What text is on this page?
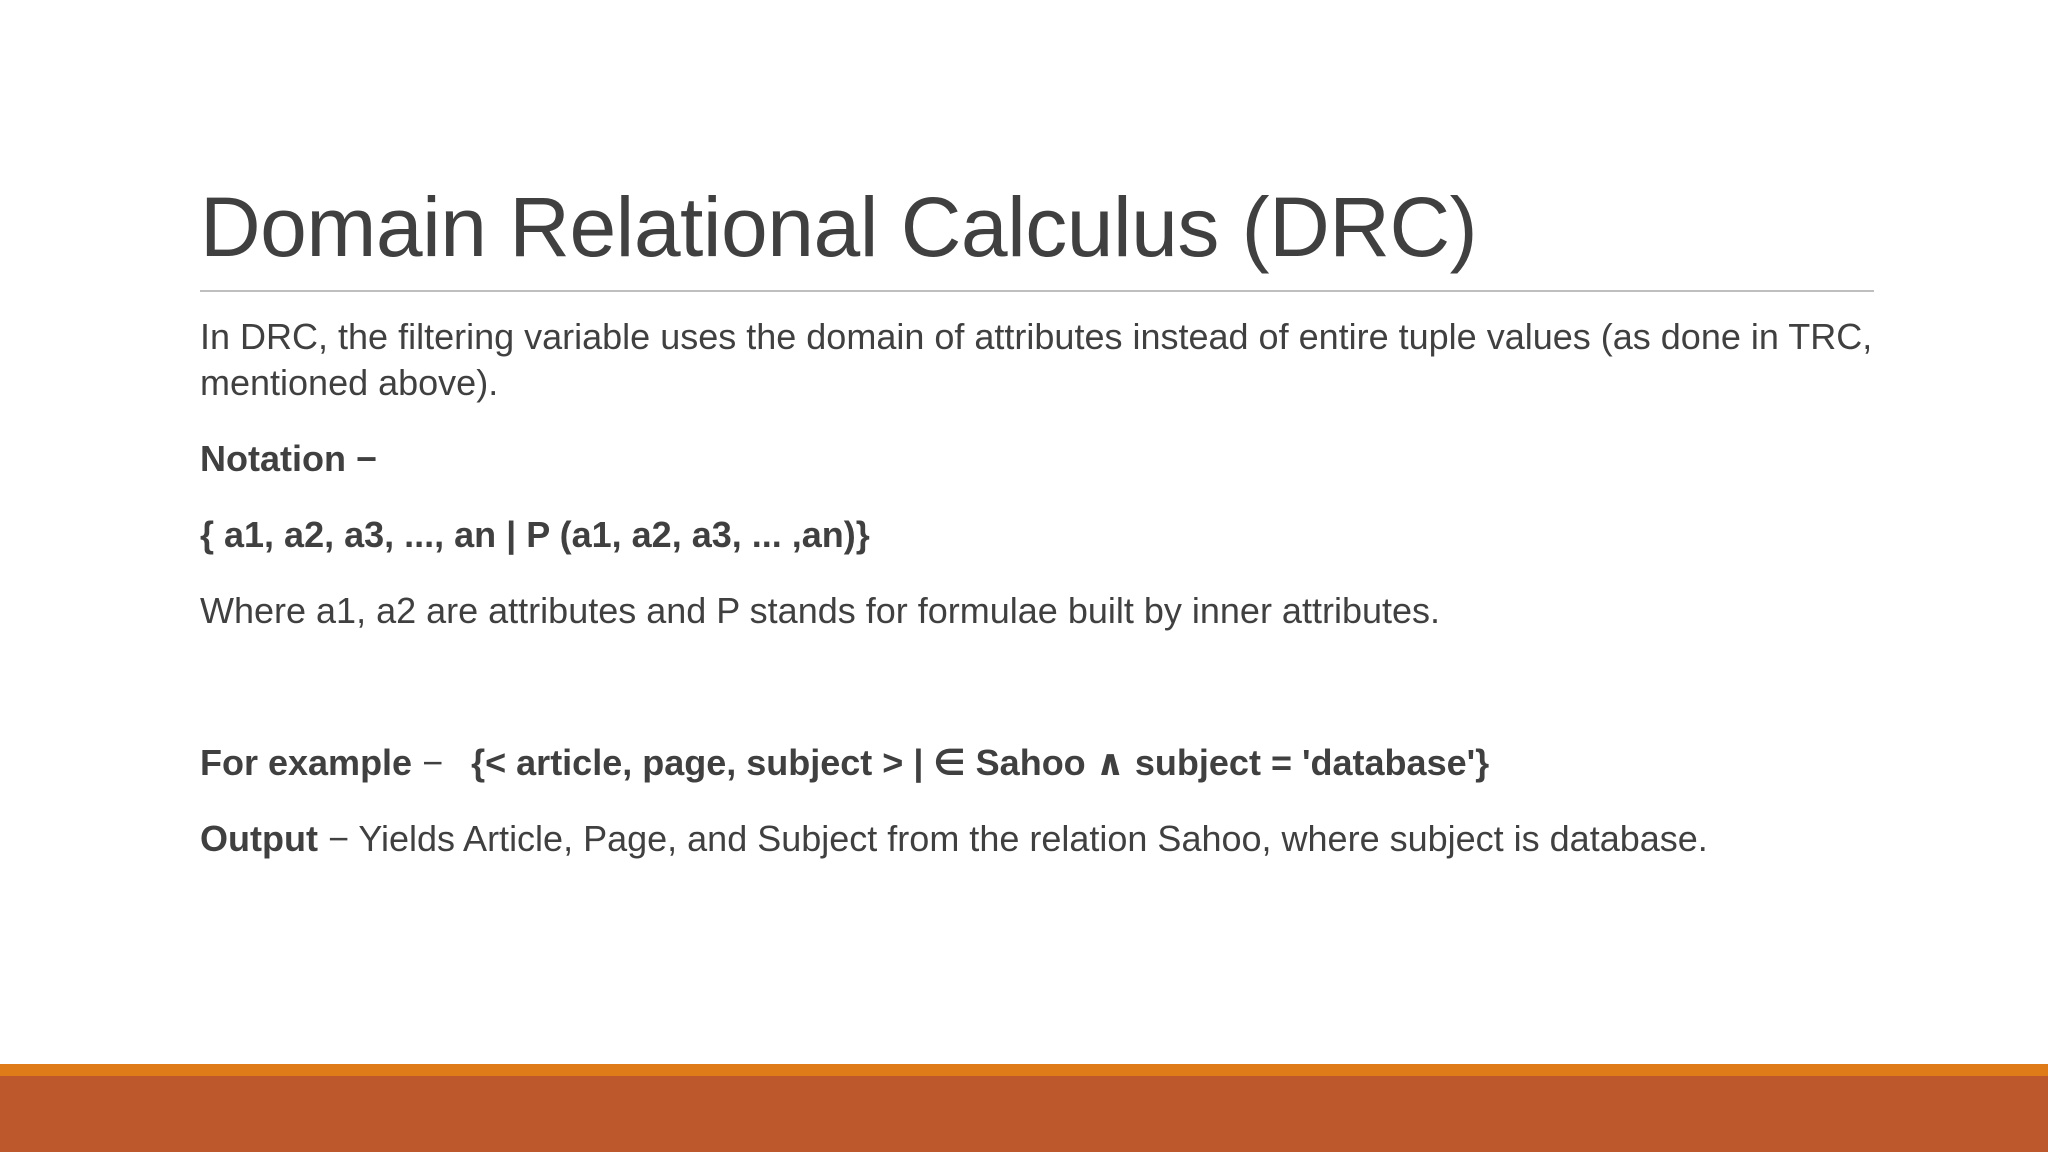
Domain Relational Calculus (DRC)

In DRC, the filtering variable uses the domain of attributes instead of entire tuple values (as done in TRC, mentioned above).

Notation −

{ a1, a2, a3, ..., an | P (a1, a2, a3, ... ,an)}

Where a1, a2 are attributes and P stands for formulae built by inner attributes.

For example − {< article, page, subject > | ∈ Sahoo ∧ subject = 'database'}

Output − Yields Article, Page, and Subject from the relation Sahoo, where subject is database.
